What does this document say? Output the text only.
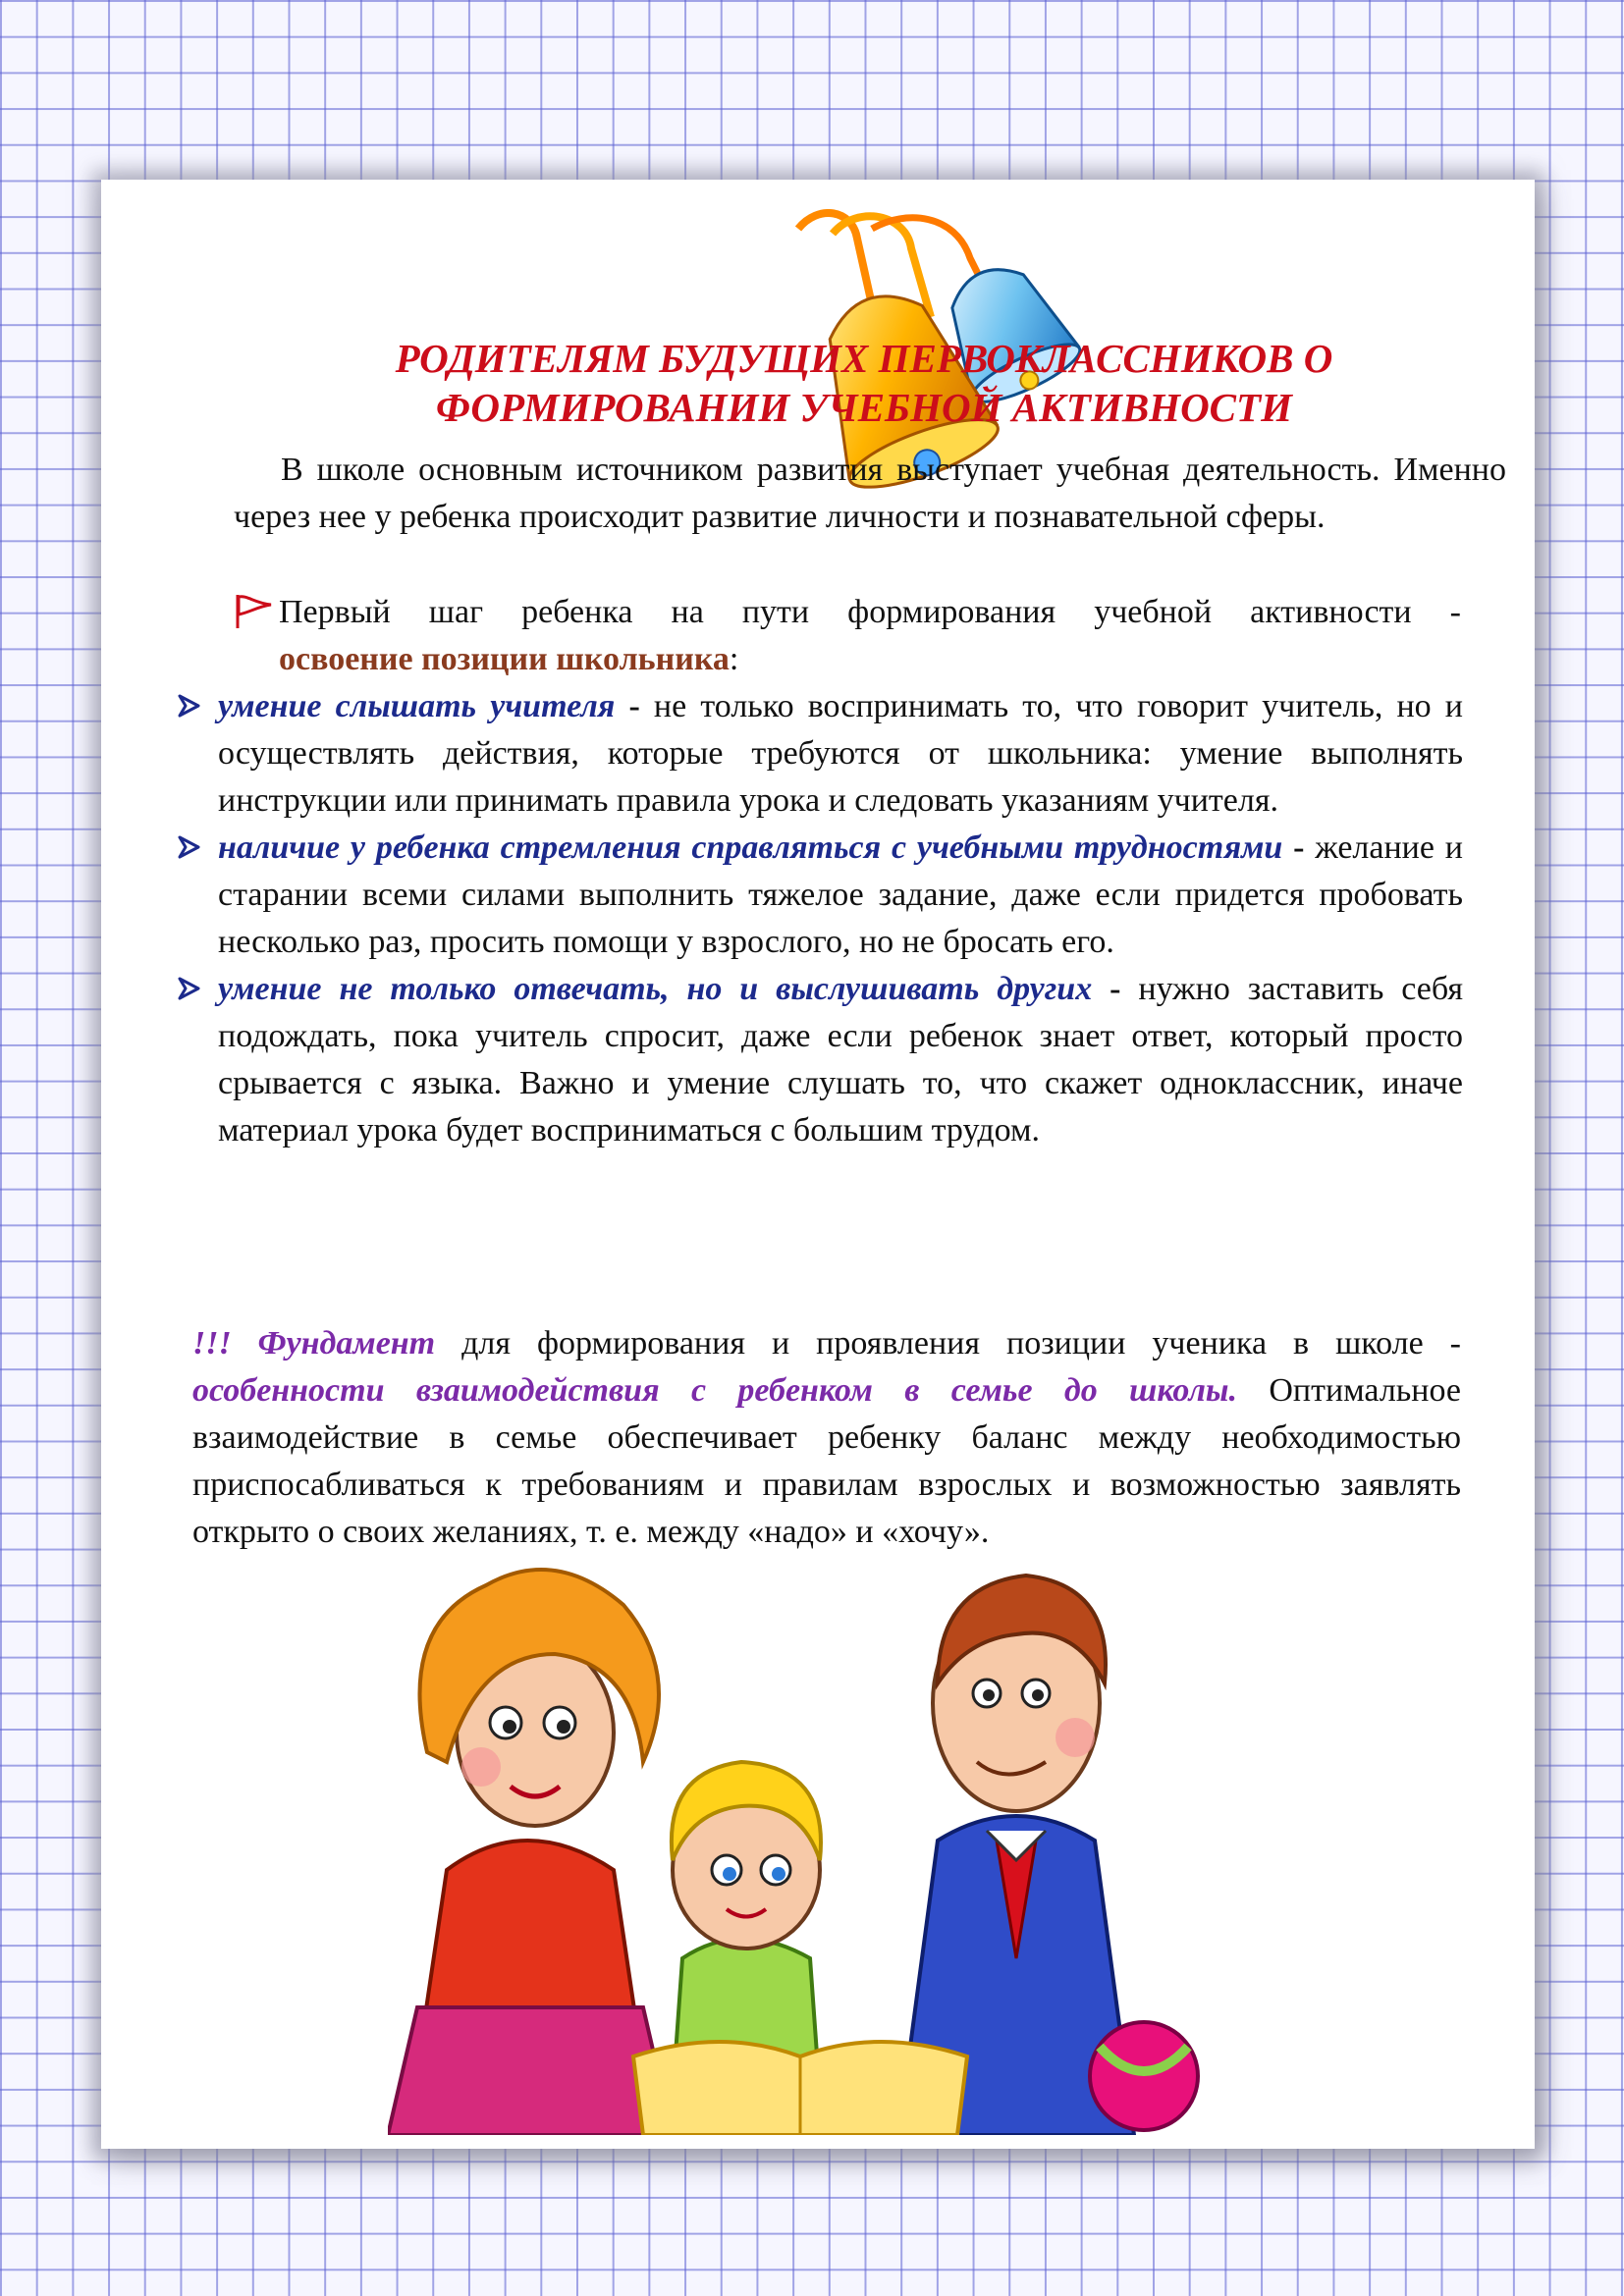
РОДИТЕЛЯМ БУДУЩИХ ПЕРВОКЛАССНИКОВ О
ФОРМИРОВАНИИ УЧЕБНОЙ АКТИВНОСТИ

В школе основным источником развития выступает учебная деятельность. Именно через нее у ребенка происходит развитие личности и познавательной сферы.

Первый шаг ребенка на пути формирования учебной активности -
освоение позиции школьника:
умение слышать учителя - не только воспринимать то, что говорит учитель, но и осуществлять действия, которые требуются от школьника: умение выполнять инструкции или принимать правила урока и следовать указаниям учителя.
наличие у ребенка стремления справляться с учебными трудностями - желание и старании всеми силами выполнить тяжелое задание, даже если придется пробовать несколько раз, просить помощи у взрослого, но не бросать его.
умение не только отвечать, но и выслушивать других - нужно заставить себя подождать, пока учитель спросит, даже если ребенок знает ответ, который просто срывается с языка. Важно и умение слушать то, что скажет одноклассник, иначе материал урока будет восприниматься с большим трудом.

!!! Фундамент для формирования и проявления позиции ученика в школе - особенности взаимодействия с ребенком в семье до школы. Оптимальное взаимодействие в семье обеспечивает ребенку баланс между необходимостью приспосабливаться к требованиям и правилам взрослых и возможностью заявлять открыто о своих желаниях, т. е. между «надо» и «хочу».
